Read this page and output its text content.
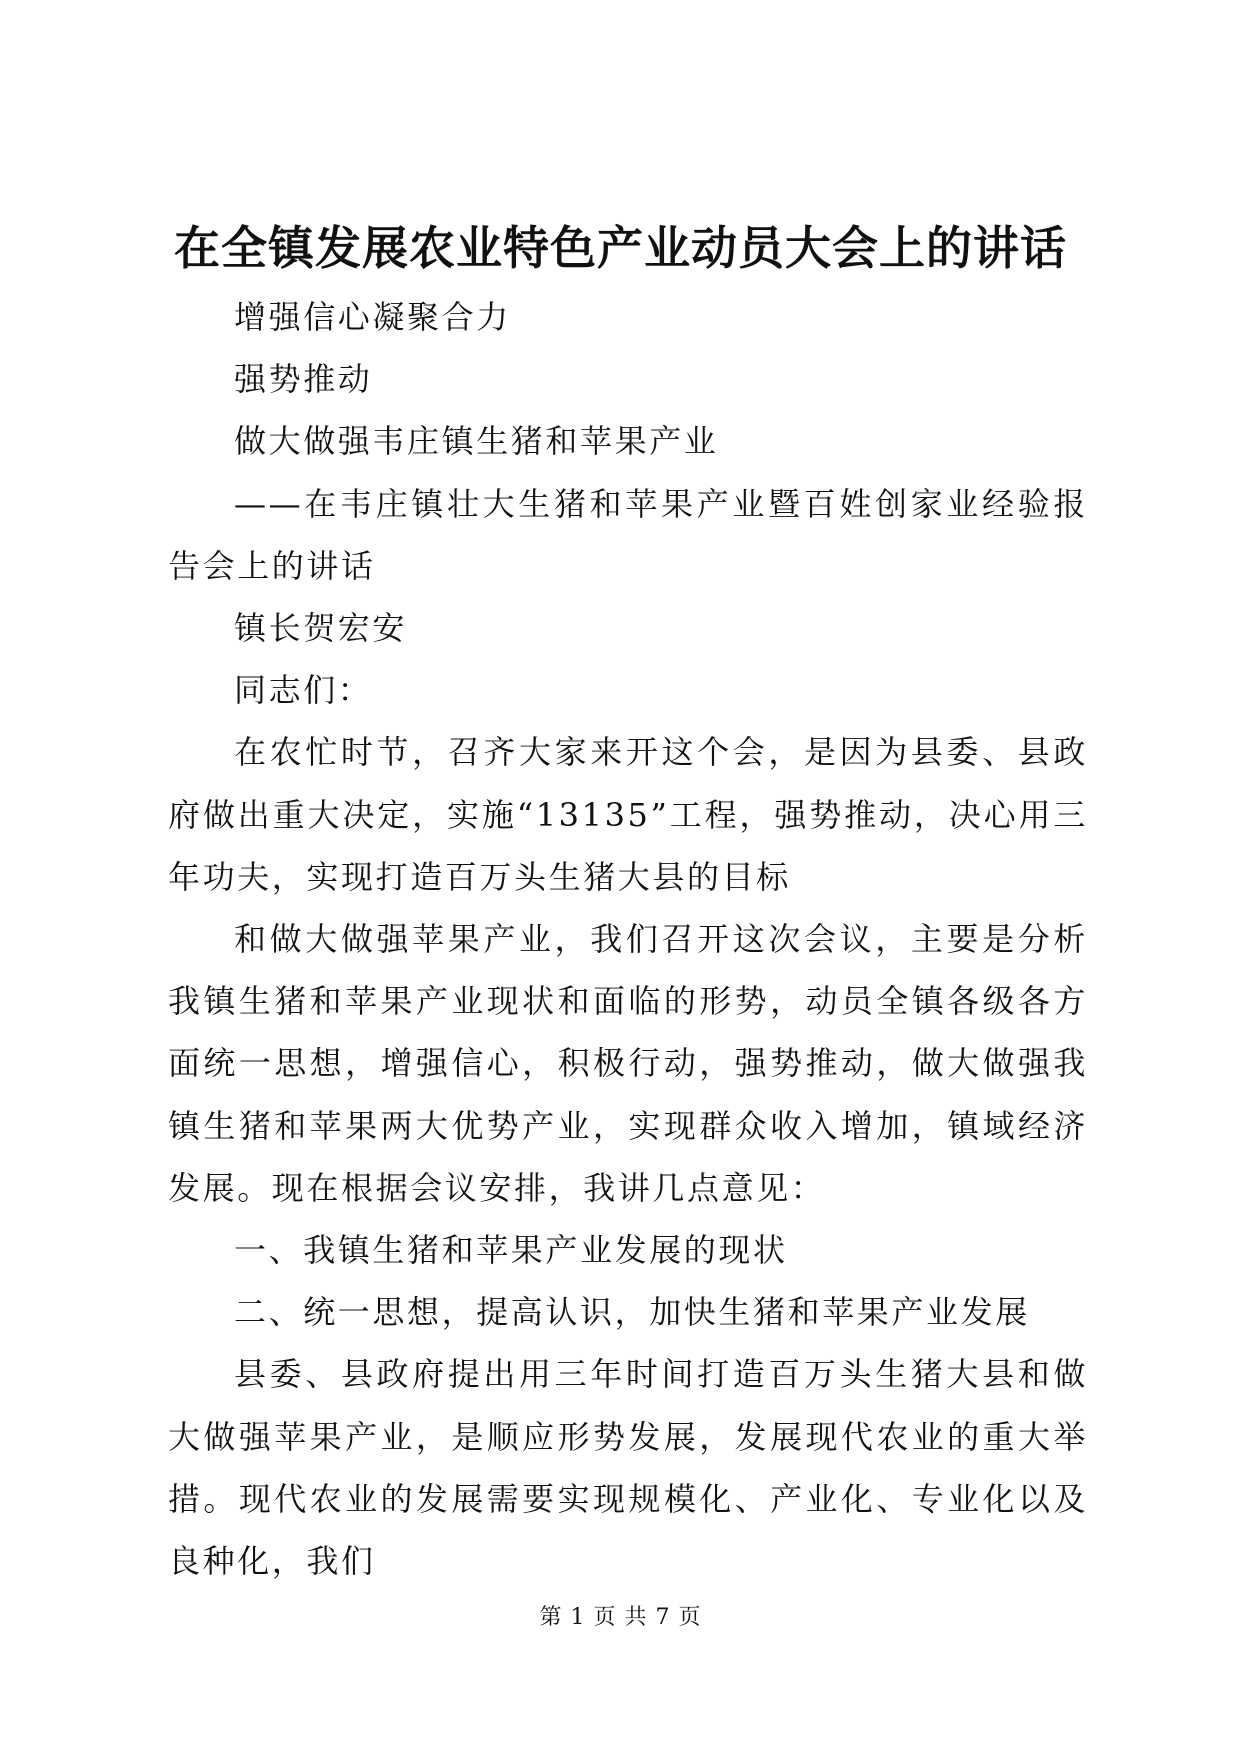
在全镇发展农业特色产业动员大会上的讲话

增强信心凝聚合力

强势推动

做大做强韦庄镇生猪和苹果产业

——在韦庄镇壮大生猪和苹果产业暨百姓创家业经验报告会上的讲话

镇长贺宏安

同志们：

在农忙时节，召齐大家来开这个会，是因为县委、县政府做出重大决定，实施“13135”工程，强势推动，决心用三年功夫，实现打造百万头生猪大县的目标

和做大做强苹果产业，我们召开这次会议，主要是分析我镇生猪和苹果产业现状和面临的形势，动员全镇各级各方面统一思想，增强信心，积极行动，强势推动，做大做强我镇生猪和苹果两大优势产业，实现群众收入增加，镇域经济发展。现在根据会议安排，我讲几点意见：

一、我镇生猪和苹果产业发展的现状

二、统一思想，提高认识，加快生猪和苹果产业发展

县委、县政府提出用三年时间打造百万头生猪大县和做大做强苹果产业，是顺应形势发展，发展现代农业的重大举措。现代农业的发展需要实现规模化、产业化、专业化以及良种化，我们

第 1 页 共 7 页
